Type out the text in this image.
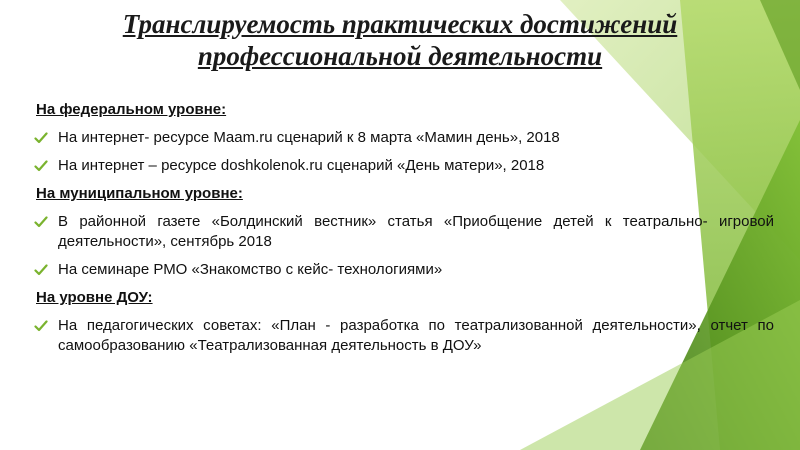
Транслируемость практических достижений
профессиональной деятельности
На федеральном уровне:
На интернет- ресурсе Maam.ru сценарий к 8 марта «Мамин день», 2018
На интернет – ресурсе doshkolenok.ru сценарий «День матери», 2018
На муниципальном уровне:
В районной газете «Болдинский вестник» статья «Приобщение детей к театрально- игровой деятельности», сентябрь 2018
На семинаре РМО «Знакомство с кейс- технологиями»
На уровне ДОУ:
На педагогических советах: «План - разработка по театрализованной деятельности», отчет по самообразованию «Театрализованная деятельность в ДОУ»
